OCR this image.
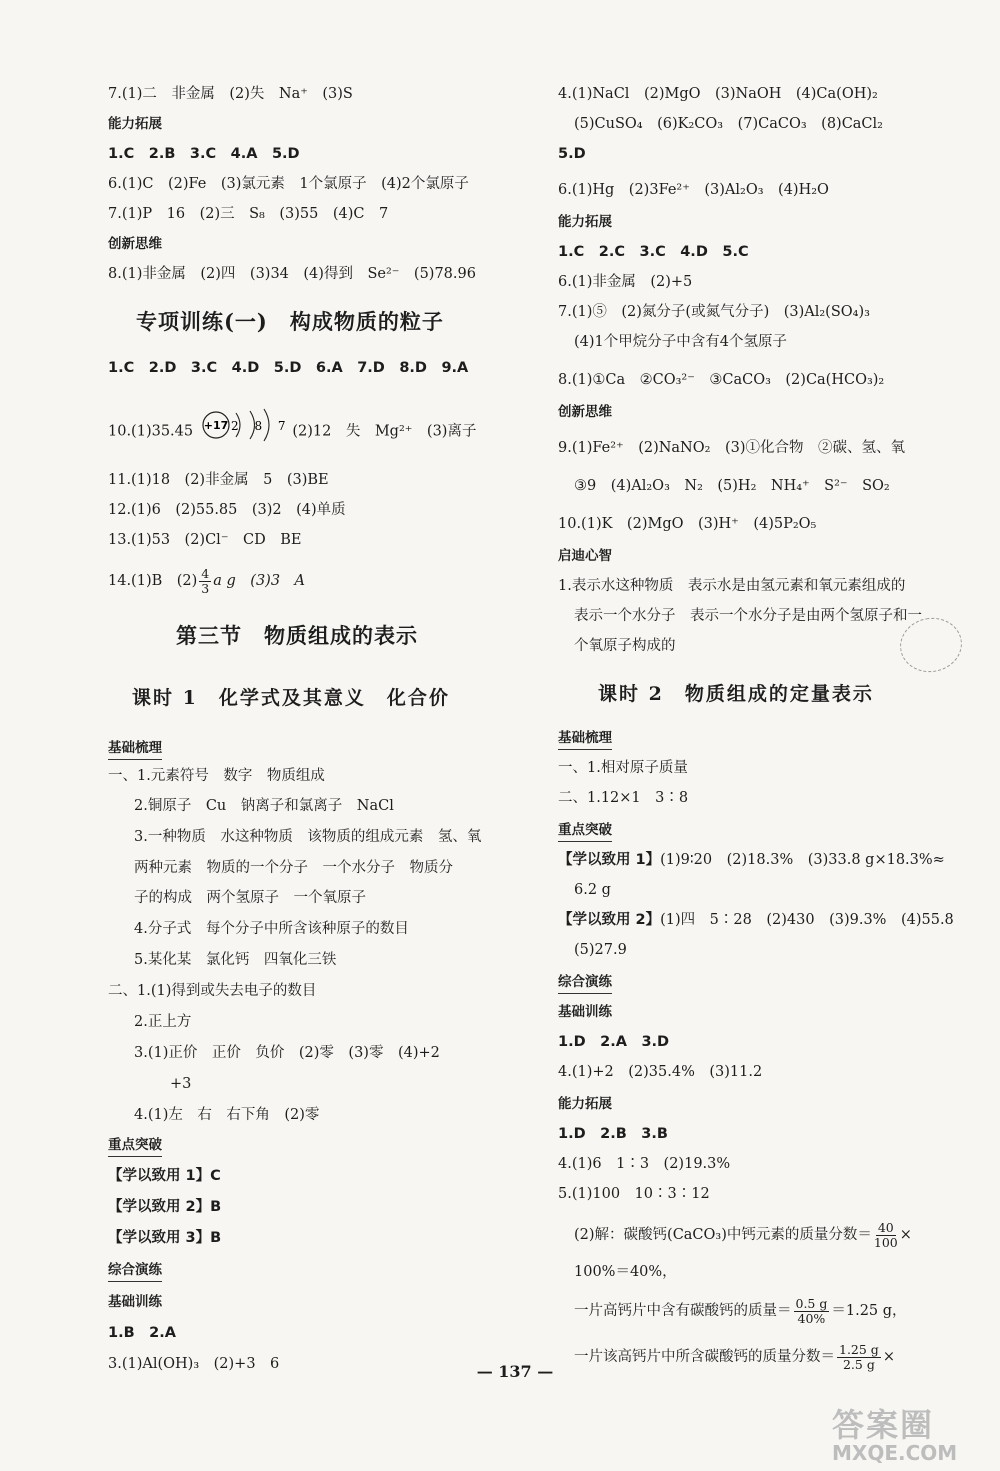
7.(1)二　非金属　(2)失　Na⁺　(3)S
能力拓展
1.C　2.B　3.C　4.A　5.D
6.(1)C　(2)Fe　(3)氯元素　1个氯原子　(4)2个氯原子
7.(1)P　16　(2)三　S₈　(3)55　(4)C　7
创新思维
8.(1)非金属　(2)四　(3)34　(4)得到　Se²⁻　(5)78.96
专项训练(一)　构成物质的粒子
1.C　2.D　3.C　4.D　5.D　6.A　7.D　8.D　9.A
10.(1)35.45 +17 2 8 7 (2)12　失　Mg²⁺　(3)离子
11.(1)18　(2)非金属　5　(3)BE
12.(1)6　(2)55.85　(3)2　(4)单质
13.(1)53　(2)Cl⁻　CD　BE
14.(1)B　$(2) \frac{4}{3}$ a g　(3)3　A
第三节　物质组成的表示
课时 1　化学式及其意义　化合价
基础梳理
一、1.元素符号　数字　物质组成
2.铜原子　Cu　钠离子和氯离子　NaCl
3.一种物质　水这种物质　该物质的组成元素　氢、氧
两种元素　物质的一个分子　一个水分子　物质分
子的构成　两个氢原子　一个氧原子
4.分子式　每个分子中所含该种原子的数目
5.某化某　氯化钙　四氧化三铁
二、1.(1)得到或失去电子的数目
2.正上方
3.(1)正价　正价　负价　(2)零　(3)零　(4)+2
+3
4.(1)左　右　右下角　(2)零
重点突破
【学以致用 1】C
【学以致用 2】B
【学以致用 3】B
综合演练
基础训练
1.B　2.A
3.(1)Al(OH)₃　(2)+3　6
4.(1)NaCl　(2)MgO　(3)NaOH　(4)Ca(OH)₂
(5)CuSO₄　(6)K₂CO₃　(7)CaCO₃　(8)CaCl₂
5.D
6.(1)Hg　(2)3Fe²⁺　(3)Al₂O₃　(4)H₂O
能力拓展
1.C　2.C　3.C　4.D　5.C
6.(1)非金属　(2)+5
7.(1)⑤　(2)氮分子(或氮气分子)　(3)Al₂(SO₄)₃
(4)1个甲烷分子中含有4个氢原子
8.(1)①Ca　②CO₃²⁻　③CaCO₃　(2)Ca(HCO₃)₂
创新思维
9.(1)Fe²⁺　(2)NaNO₂　(3)①化合物　②碳、氢、氧
③9　(4)Al₂O₃　N₂　(5)H₂　NH₄⁺　S²⁻　SO₂
10.(1)K　(2)MgO　(3)H⁺　(4)5P₂O₅
启迪心智
1.表示水这种物质　表示水是由氢元素和氧元素组成的
表示一个水分子　表示一个水分子是由两个氢原子和一
个氧原子构成的
课时 2　物质组成的定量表示
基础梳理
一、1.相对原子质量
二、1.12×1　3∶8
重点突破
【学以致用 1】(1)9∶20　(2)18.3%　(3)33.8 g×18.3%≈
6.2 g
【学以致用 2】(1)四　5∶28　(2)430　(3)9.3%　(4)55.8
(5)27.9
综合演练
基础训练
1.D　2.A　3.D
4.(1)+2　(2)35.4%　(3)11.2
能力拓展
1.D　2.B　3.B
4.(1)6　1∶3　(2)19.3%
5.(1)100　10∶3∶12
(2)解：碳酸钙(CaCO₃)中钙元素的质量分数＝ $\frac{40}{100}$ ×
100%＝40%，
一片高钙片中含有碳酸钙的质量＝ $\frac{0.5 g}{40\%} =1.25$ g，
一片该高钙片中所含碳酸钙的质量分数＝ $\frac{1.25 g}{2.5 g}$ ×
— 137 —
答案圈
MXQE.COM
